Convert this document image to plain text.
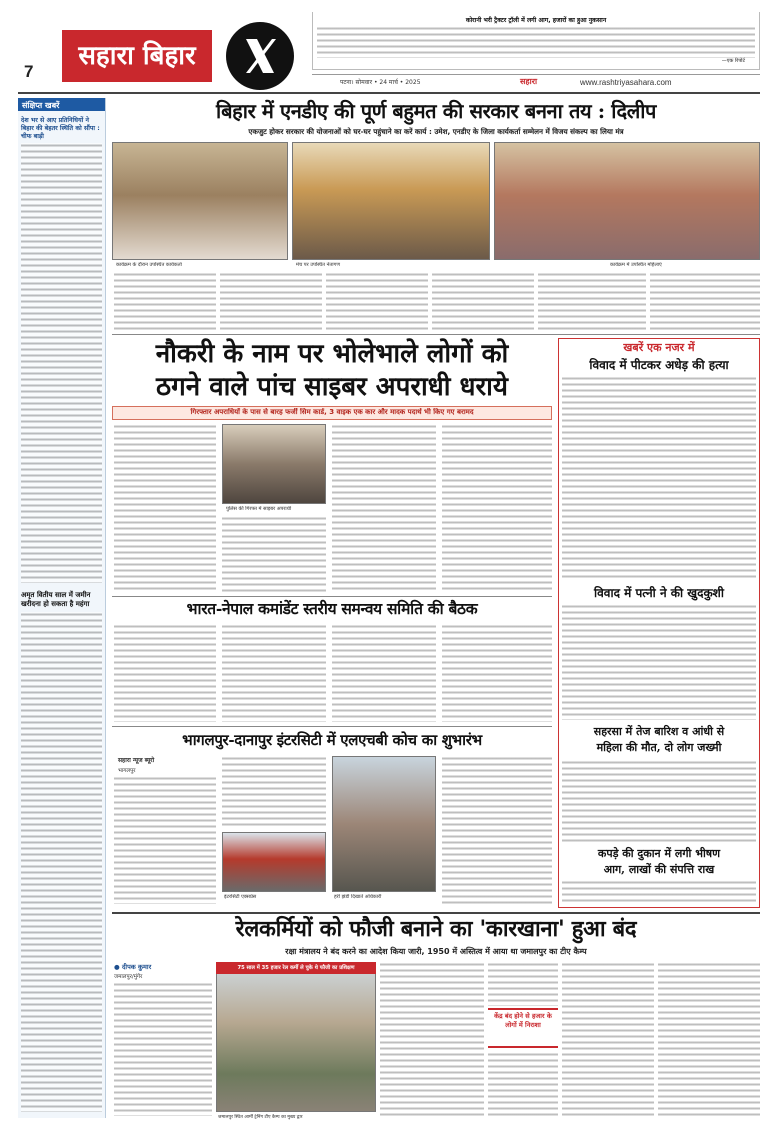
7
सहारा बिहार
कोरानी भरी ट्रैक्टर ट्रॉली में लगी आग, हजारों का हुआ नुकसान
—एक रिपोर्ट
पटना। सोमवार • 24 मार्च • 2025	सहारा	www.rashtriyasahara.com
संक्षिप्त खबरें
देश भर से आए प्रतिनिधियों ने बिहार की बेहतर स्थिति को सौंपा : चीफ बाड़ी
अमृत वितीय साल में जमीन खरीदना हो सकता है महंगा
बिहार में एनडीए की पूर्ण बहुमत की सरकार बनना तय : दिलीप
एकजुट होकर सरकार की योजनाओं को घर-घर पहुंचाने का करें कार्य : उमेश, एनडीए के जिला कार्यकर्ता सम्मेलन में विजय संकल्प का लिया मंत्र
कार्यक्रम के दौरान उपस्थित कार्यकर्ता	मंच पर उपस्थित नेतागण	कार्यक्रम में उपस्थित महिलाएं
नौकरी के नाम पर भोलेभाले लोगों को
ठगने वाले पांच साइबर अपराधी धराये
गिरफ्तार अपराधियों के पास से बारह फर्जी सिम कार्ड, 3 वाइक एक कार और मादक पदार्थ भी किए गए बरामद
पुलिस की गिरफ्त में साइबर अपराधी
भारत-नेपाल कमांडेंट स्तरीय समन्वय समिति की बैठक
भागलपुर-दानापुर इंटरसिटी में एलएचबी कोच का शुभारंभ
सहारा न्यूज ब्यूरो
भागलपुर
इंटरसिटी एक्सप्रेस	हरी झंडी दिखाते अधिकारी
खबरें एक नजर में
विवाद में पीटकर अधेड़ की हत्या
विवाद में पत्नी ने की खुदकुशी
सहरसा में तेज बारिश व आंधी से
महिला की मौत, दो लोग जख्मी
कपड़े की दुकान में लगी भीषण
आग, लाखों की संपत्ति राख
रेलकर्मियों को फौजी बनाने का 'कारखाना' हुआ बंद
रक्षा मंत्रालय ने बंद करने का आदेश किया जारी, 1950 में अस्तित्व में आया था जमालपुर का टीए कैम्प
● दीपक कुमार
जमालपुर/मुंगेर
75 साल में 35 हजार रेल कर्मी ले चुके थे फौजी का प्रशिक्षण
जमालपुर स्थित आर्मी ट्रेनिंग टीए कैम्प का मुख्य द्वार
केंद्र बंद होने से हजार के लोगों में निराशा
